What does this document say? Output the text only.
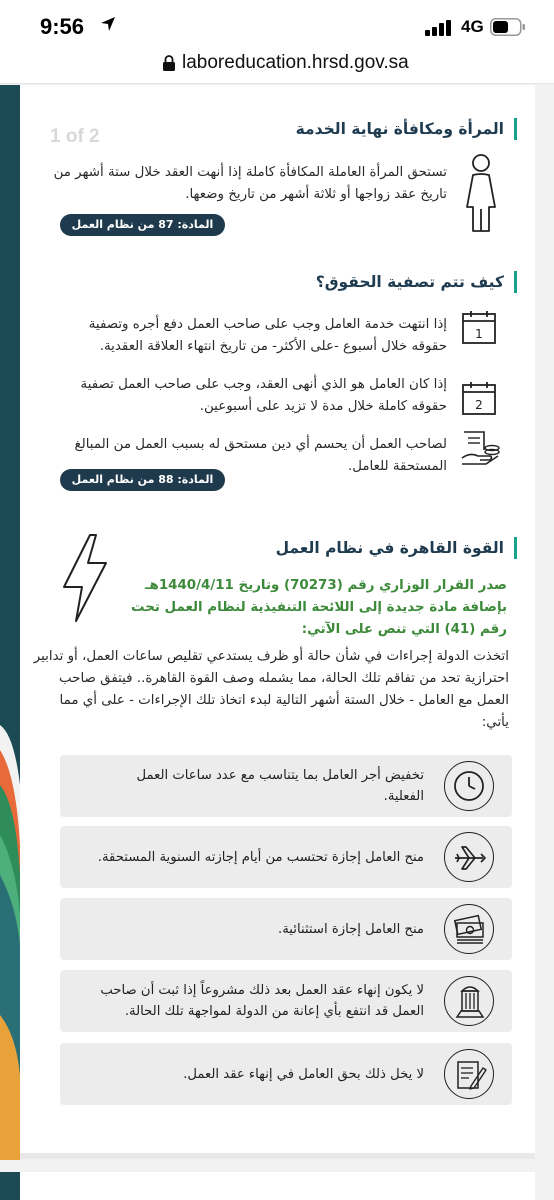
9:56	4G
laboreducation.hrsd.gov.sa
1 of 2	المرأة ومكافأة نهاية الخدمة
تستحق المرأة العاملة المكافأة كاملة إذا أنهت العقد خلال ستة أشهر من تاريخ عقد زواجها أو ثلاثة أشهر من تاريخ وضعها.
المادة: 87 من نظام العمل
كيف تتم تصفية الحقوق؟
1
إذا انتهت خدمة العامل وجب على صاحب العمل دفع أجره وتصفية حقوقه خلال أسبوع -على الأكثر- من تاريخ انتهاء العلاقة العقدية.
2
إذا كان العامل هو الذي أنهى العقد، وجب على صاحب العمل تصفية حقوقه كاملة خلال مدة لا تزيد على أسبوعين.
لصاحب العمل أن يحسم أي دين مستحق له بسبب العمل من المبالغ المستحقة للعامل.
المادة: 88 من نظام العمل
القوة القاهرة في نظام العمل
صدر القرار الوزاري رقم (70273) وتاريخ 1440/4/11هـ بإضافة مادة جديدة إلى اللائحة التنفيذية لنظام العمل تحت رقم (41) التي تنص على الآتي:
اتخذت الدولة إجراءات في شأن حالة أو ظرف يستدعي تقليص ساعات العمل، أو تدابير احترازية تحد من تفاقم تلك الحالة، مما يشمله وصف القوة القاهرة.. فيتفق صاحب العمل مع العامل - خلال الستة أشهر التالية لبدء اتخاذ تلك الإجراءات - على أي مما يأتي:
تخفيض أجر العامل بما يتناسب مع عدد ساعات العمل الفعلية.
منح العامل إجازة تحتسب من أيام إجازته السنوية المستحقة.
منح العامل إجازة استثنائية.
لا يكون إنهاء عقد العمل بعد ذلك مشروعاً إذا ثبت أن صاحب العمل قد انتفع بأي إعانة من الدولة لمواجهة تلك الحالة.
لا يخل ذلك بحق العامل في إنهاء عقد العمل.
